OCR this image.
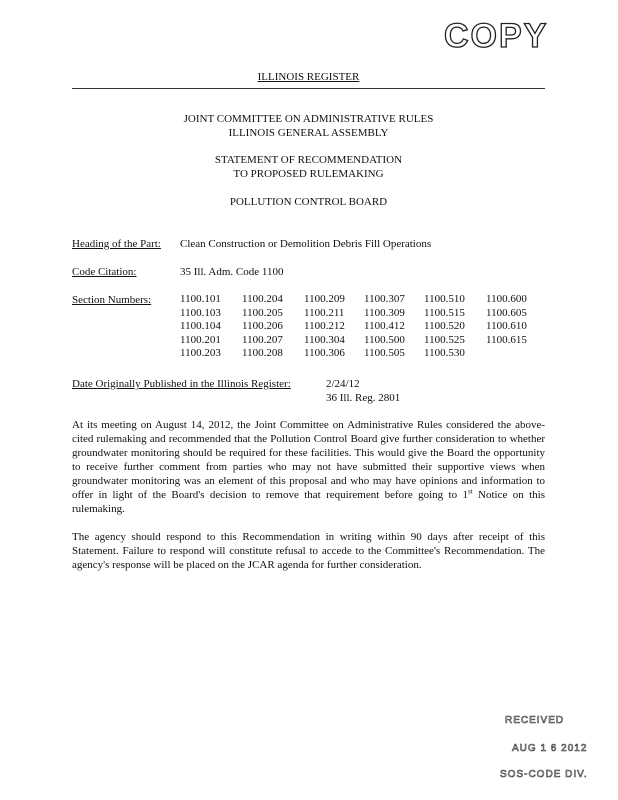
COPY
ILLINOIS REGISTER
JOINT COMMITTEE ON ADMINISTRATIVE RULES
ILLINOIS GENERAL ASSEMBLY
STATEMENT OF RECOMMENDATION
TO PROPOSED RULEMAKING
POLLUTION CONTROL BOARD
Heading of the Part: Clean Construction or Demolition Debris Fill Operations
Code Citation:	35 Ill. Adm. Code 1100
Section Numbers:	1100.101	1100.204	1100.209	1100.307	1100.510	1100.600
1100.103	1100.205	1100.211	1100.309	1100.515	1100.605
1100.104	1100.206	1100.212	1100.412	1100.520	1100.610
1100.201	1100.207	1100.304	1100.500	1100.525	1100.615
1100.203	1100.208	1100.306	1100.505	1100.530
Date Originally Published in the Illinois Register:	2/24/12
36 Ill. Reg. 2801

At its meeting on August 14, 2012, the Joint Committee on Administrative Rules considered the above-cited rulemaking and recommended that the Pollution Control Board give further consideration to whether groundwater monitoring should be required for these facilities. This would give the Board the opportunity to receive further comment from parties who may not have submitted their supportive views when groundwater monitoring was an element of this proposal and who may have opinions and information to offer in light of the Board's decision to remove that requirement before going to 1st Notice on this rulemaking.

The agency should respond to this Recommendation in writing within 90 days after receipt of this Statement. Failure to respond will constitute refusal to accede to the Committee's Recommendation. The agency's response will be placed on the JCAR agenda for further consideration.

RECEIVED
AUG 1 6 2012
SOS-CODE DIV.
